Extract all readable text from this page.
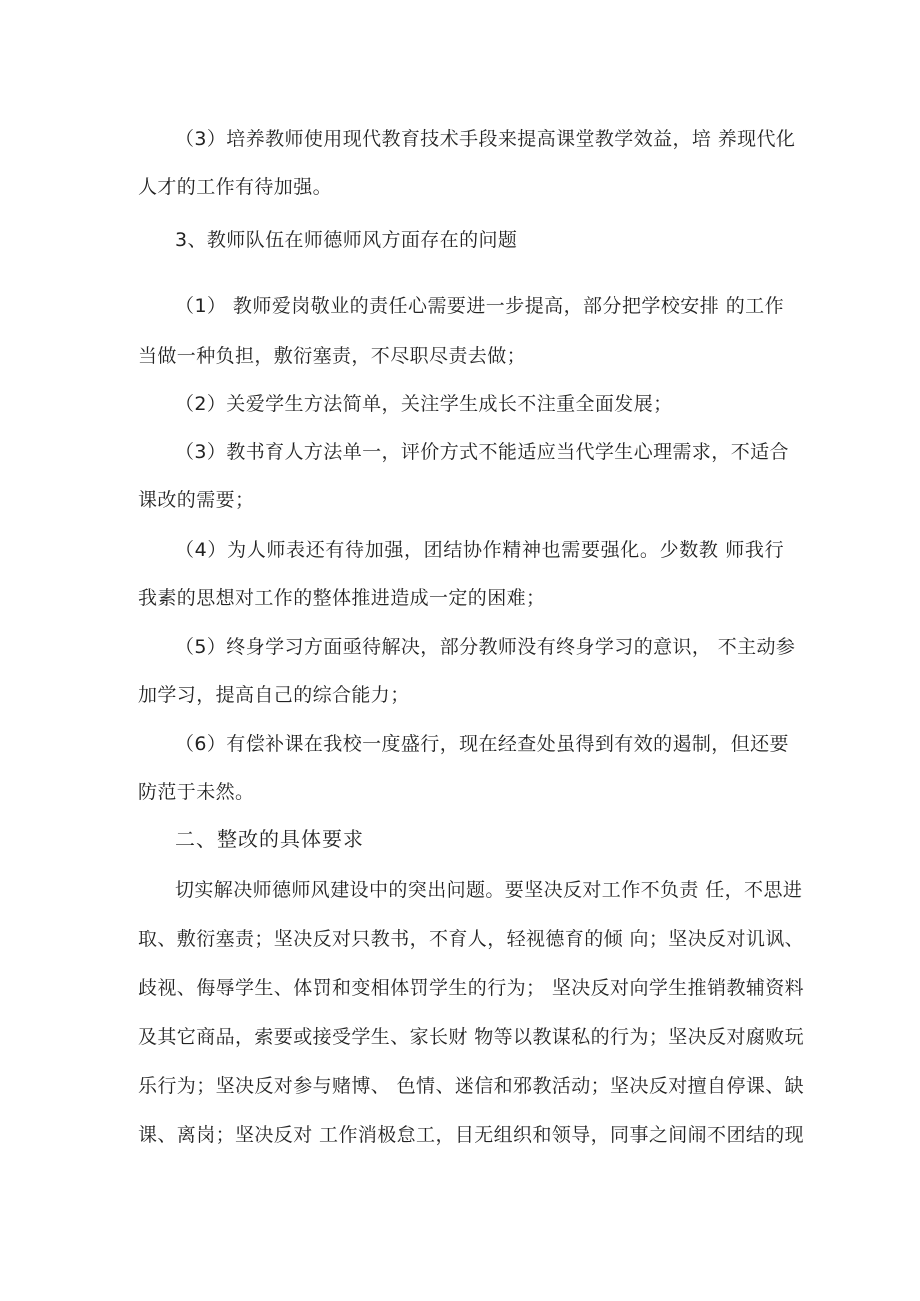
（3）培养教师使用现代教育技术手段来提高课堂教学效益，培 养现代化
人才的工作有待加强。
3、教师队伍在师德师风方面存在的问题
（1） 教师爱岗敬业的责任心需要进一步提高，部分把学校安排 的工作
当做一种负担，敷衍塞责，不尽职尽责去做；
（2）关爱学生方法简单，关注学生成长不注重全面发展；
（3）教书育人方法单一，评价方式不能适应当代学生心理需求，不适合
课改的需要；
（4）为人师表还有待加强，团结协作精神也需要强化。少数教 师我行
我素的思想对工作的整体推进造成一定的困难；
（5）终身学习方面亟待解决，部分教师没有终身学习的意识， 不主动参
加学习，提高自己的综合能力；
（6）有偿补课在我校一度盛行，现在经查处虽得到有效的遏制，但还要
防范于未然。
二、整改的具体要求
切实解决师德师风建设中的突出问题。要坚决反对工作不负责 任，不思进
取、敷衍塞责；坚决反对只教书，不育人，轻视德育的倾 向；坚决反对讥讽、
歧视、侮辱学生、体罚和变相体罚学生的行为； 坚决反对向学生推销教辅资料
及其它商品，索要或接受学生、家长财 物等以教谋私的行为；坚决反对腐败玩
乐行为；坚决反对参与赌博、 色情、迷信和邪教活动；坚决反对擅自停课、缺
课、离岗；坚决反对 工作消极怠工，目无组织和领导，同事之间闹不团结的现
